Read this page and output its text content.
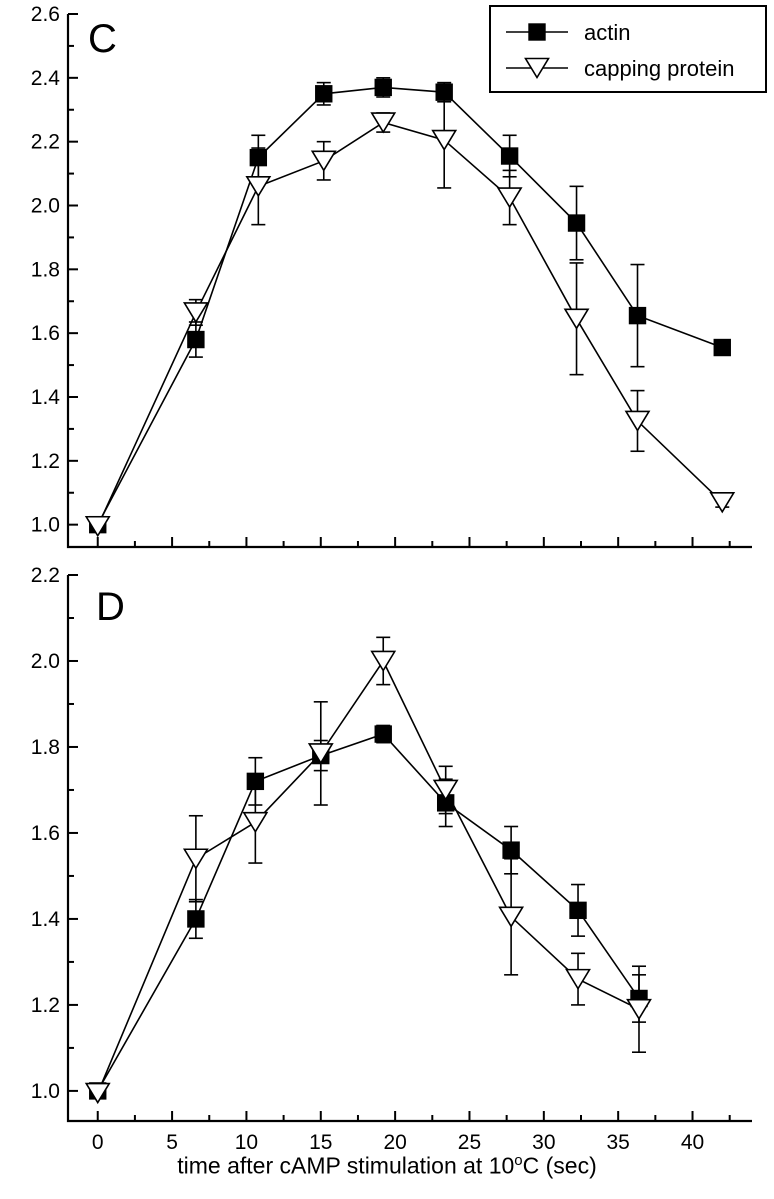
C
1.0
1.2
1.4
1.6
1.8
2.0
2.2
2.4
2.6
actin
capping protein
D
1.0
1.2
1.4
1.6
1.8
2.0
2.2
0	5	10 15 20 25 30 35 40
time after cAMP stimulation at 10$^o$C (sec)
